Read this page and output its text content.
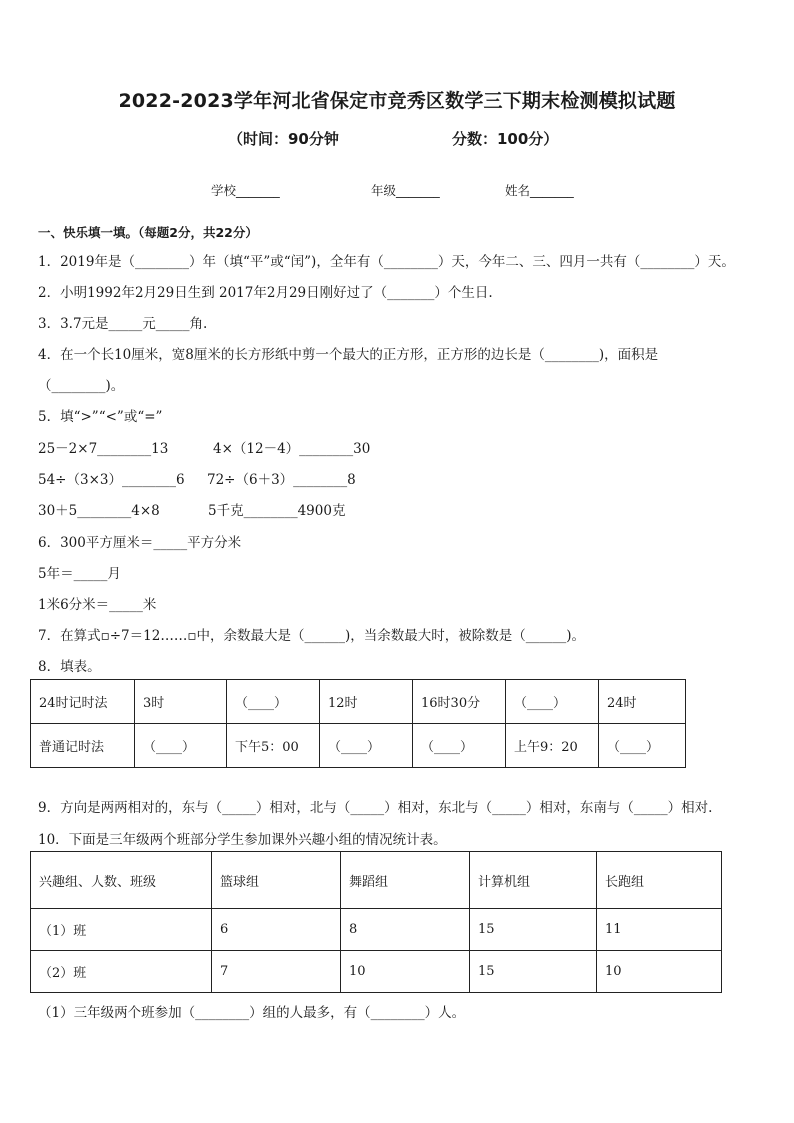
2022-2023学年河北省保定市竞秀区数学三下期末检测模拟试题
（时间：90分钟	分数：100分）
学校_______	年级_______	姓名_______
一、快乐填一填。（每题2分，共22分）
1．2019年是（________）年（填“平”或“闰”)，全年有（________）天，今年二、三、四月一共有（________）天。
2．小明1992年2月29日生到 2017年2月29日刚好过了（_______）个生日.
3．3.7元是_____元_____角.
4．在一个长10厘米，宽8厘米的长方形纸中剪一个最大的正方形，正方形的边长是（________)，面积是
（________)。
5．填“>”“<”或“=”
25－2×7________13	4×（12－4）________30
54÷（3×3）________6 72÷（6＋3）________8
30＋5________4×8	5千克________4900克
6．300平方厘米＝_____平方分米
5年＝_____月
1米6分米＝_____米
7．在算式▫÷7＝12……▫中，余数最大是（______)，当余数最大时，被除数是（______)。
8．填表。
24时记时法	3时	（____）	12时	16时30分	（____）	24时
普通记时法	（____）	下午5：00	（____）	（____）	上午9：20	（____）
9．方向是两两相对的，东与（_____）相对，北与（_____）相对，东北与（_____）相对，东南与（_____）相对.
10．下面是三年级两个班部分学生参加课外兴趣小组的情况统计表。
兴趣组、人数、班级	篮球组	舞蹈组	计算机组	长跑组
（1）班	6	8	15	11
（2）班	7	10	15	10
（1）三年级两个班参加（________）组的人最多，有（________）人。
